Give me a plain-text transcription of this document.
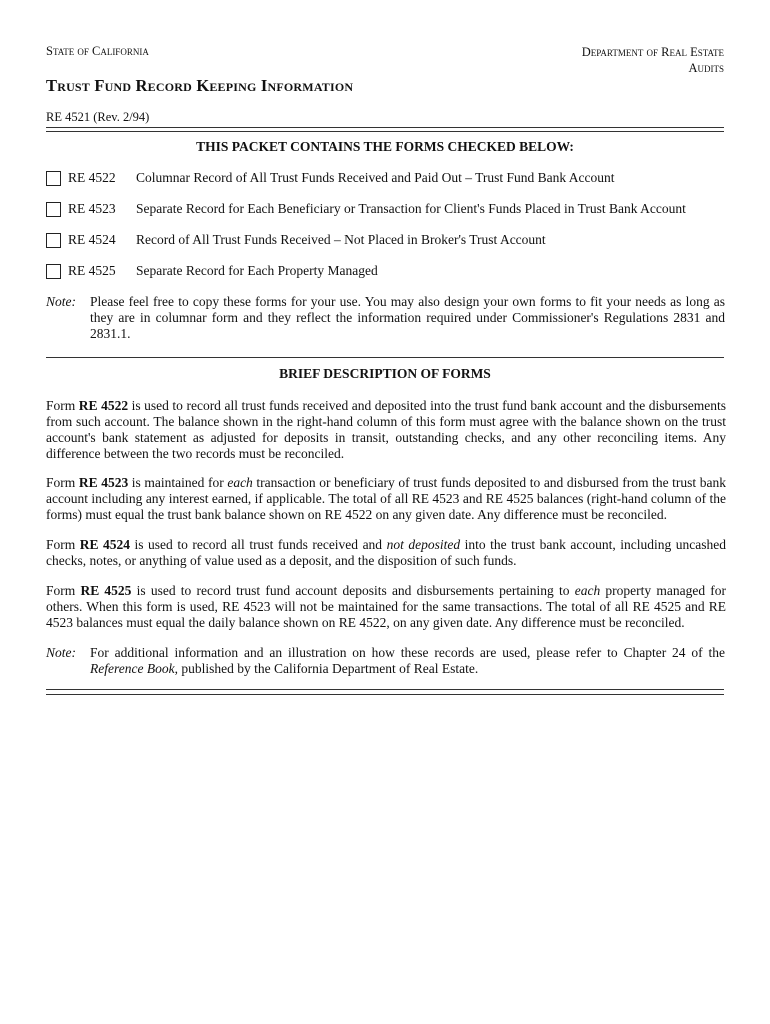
State of California	Department of Real Estate
Audits
Trust Fund Record Keeping Information
RE 4521 (Rev. 2/94)
THIS PACKET CONTAINS THE FORMS CHECKED BELOW:
RE 4522 Columnar Record of All Trust Funds Received and Paid Out – Trust Fund Bank Account
RE 4523 Separate Record for Each Beneficiary or Transaction for Client's Funds Placed in Trust Bank Account
RE 4524 Record of All Trust Funds Received – Not Placed in Broker's Trust Account
RE 4525 Separate Record for Each Property Managed
Note: Please feel free to copy these forms for your use. You may also design your own forms to fit your needs as long as they are in columnar form and they reflect the information required under Commissioner's Regulations 2831 and 2831.1.
BRIEF DESCRIPTION OF FORMS
Form RE 4522 is used to record all trust funds received and deposited into the trust fund bank account and the disbursements from such account. The balance shown in the right-hand column of this form must agree with the balance shown on the trust account's bank statement as adjusted for deposits in transit, outstanding checks, and any other reconciling items. Any difference between the two records must be reconciled.
Form RE 4523 is maintained for each transaction or beneficiary of trust funds deposited to and disbursed from the trust bank account including any interest earned, if applicable. The total of all RE 4523 and RE 4525 balances (right-hand column of the forms) must equal the trust bank balance shown on RE 4522 on any given date. Any difference must be reconciled.
Form RE 4524 is used to record all trust funds received and not deposited into the trust bank account, including uncashed checks, notes, or anything of value used as a deposit, and the disposition of such funds.
Form RE 4525 is used to record trust fund account deposits and disbursements pertaining to each property managed for others. When this form is used, RE 4523 will not be maintained for the same transactions. The total of all RE 4525 and RE 4523 balances must equal the daily balance shown on RE 4522, on any given date. Any difference must be reconciled.
Note: For additional information and an illustration on how these records are used, please refer to Chapter 24 of the Reference Book, published by the California Department of Real Estate.
